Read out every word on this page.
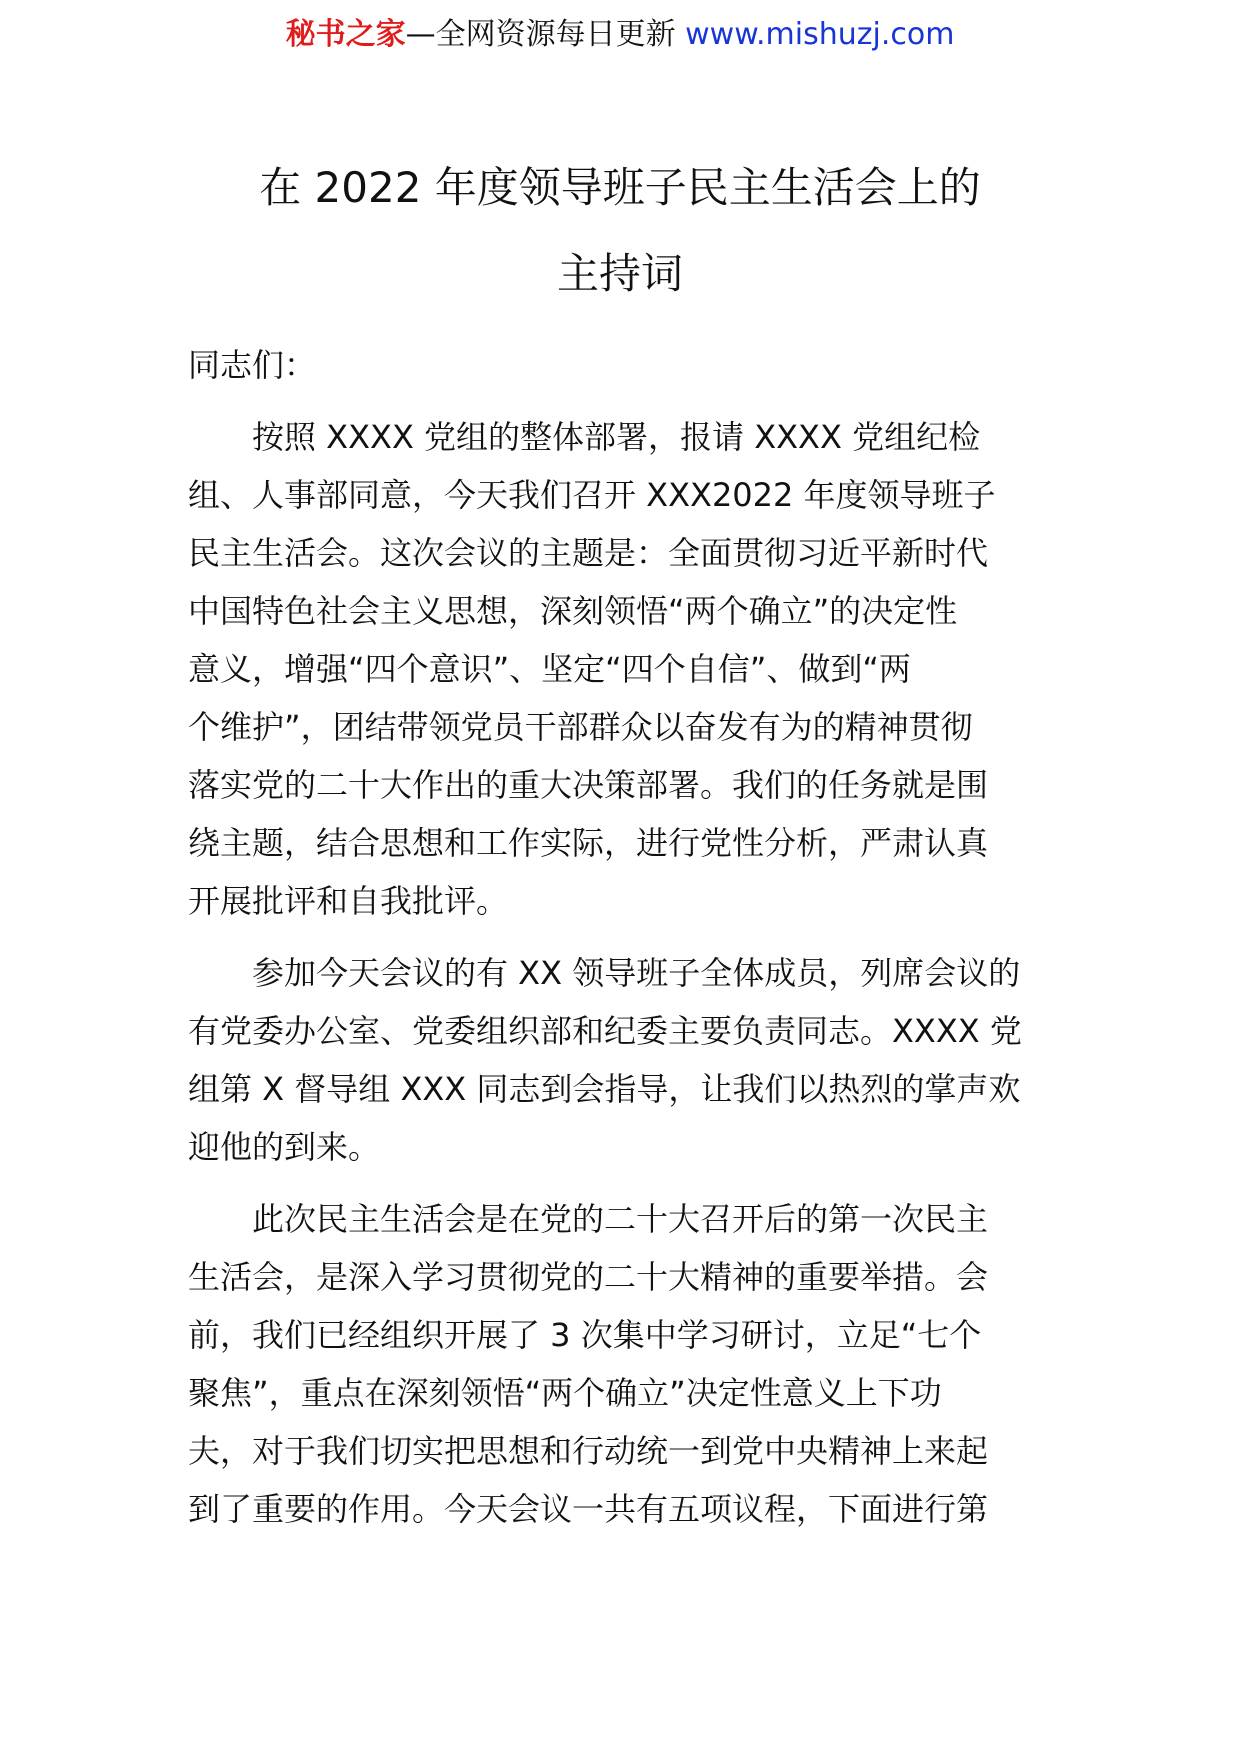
秘书之家—全网资源每日更新 www.mishuzj.com
在 2022 年度领导班子民主生活会上的
主持词
同志们：
按照 XXXX 党组的整体部署，报请 XXXX 党组纪检
组、人事部同意，今天我们召开 XXX2022 年度领导班子
民主生活会。这次会议的主题是：全面贯彻习近平新时代
中国特色社会主义思想，深刻领悟“两个确立”的决定性
意义，增强“四个意识”、坚定“四个自信”、做到“两
个维护”，团结带领党员干部群众以奋发有为的精神贯彻
落实党的二十大作出的重大决策部署。我们的任务就是围
绕主题，结合思想和工作实际，进行党性分析，严肃认真
开展批评和自我批评。
参加今天会议的有 XX 领导班子全体成员，列席会议的
有党委办公室、党委组织部和纪委主要负责同志。XXXX 党
组第 X 督导组 XXX 同志到会指导，让我们以热烈的掌声欢
迎他的到来。
此次民主生活会是在党的二十大召开后的第一次民主
生活会，是深入学习贯彻党的二十大精神的重要举措。会
前，我们已经组织开展了 3 次集中学习研讨，立足“七个
聚焦”，重点在深刻领悟“两个确立”决定性意义上下功
夫，对于我们切实把思想和行动统一到党中央精神上来起
到了重要的作用。今天会议一共有五项议程，下面进行第
